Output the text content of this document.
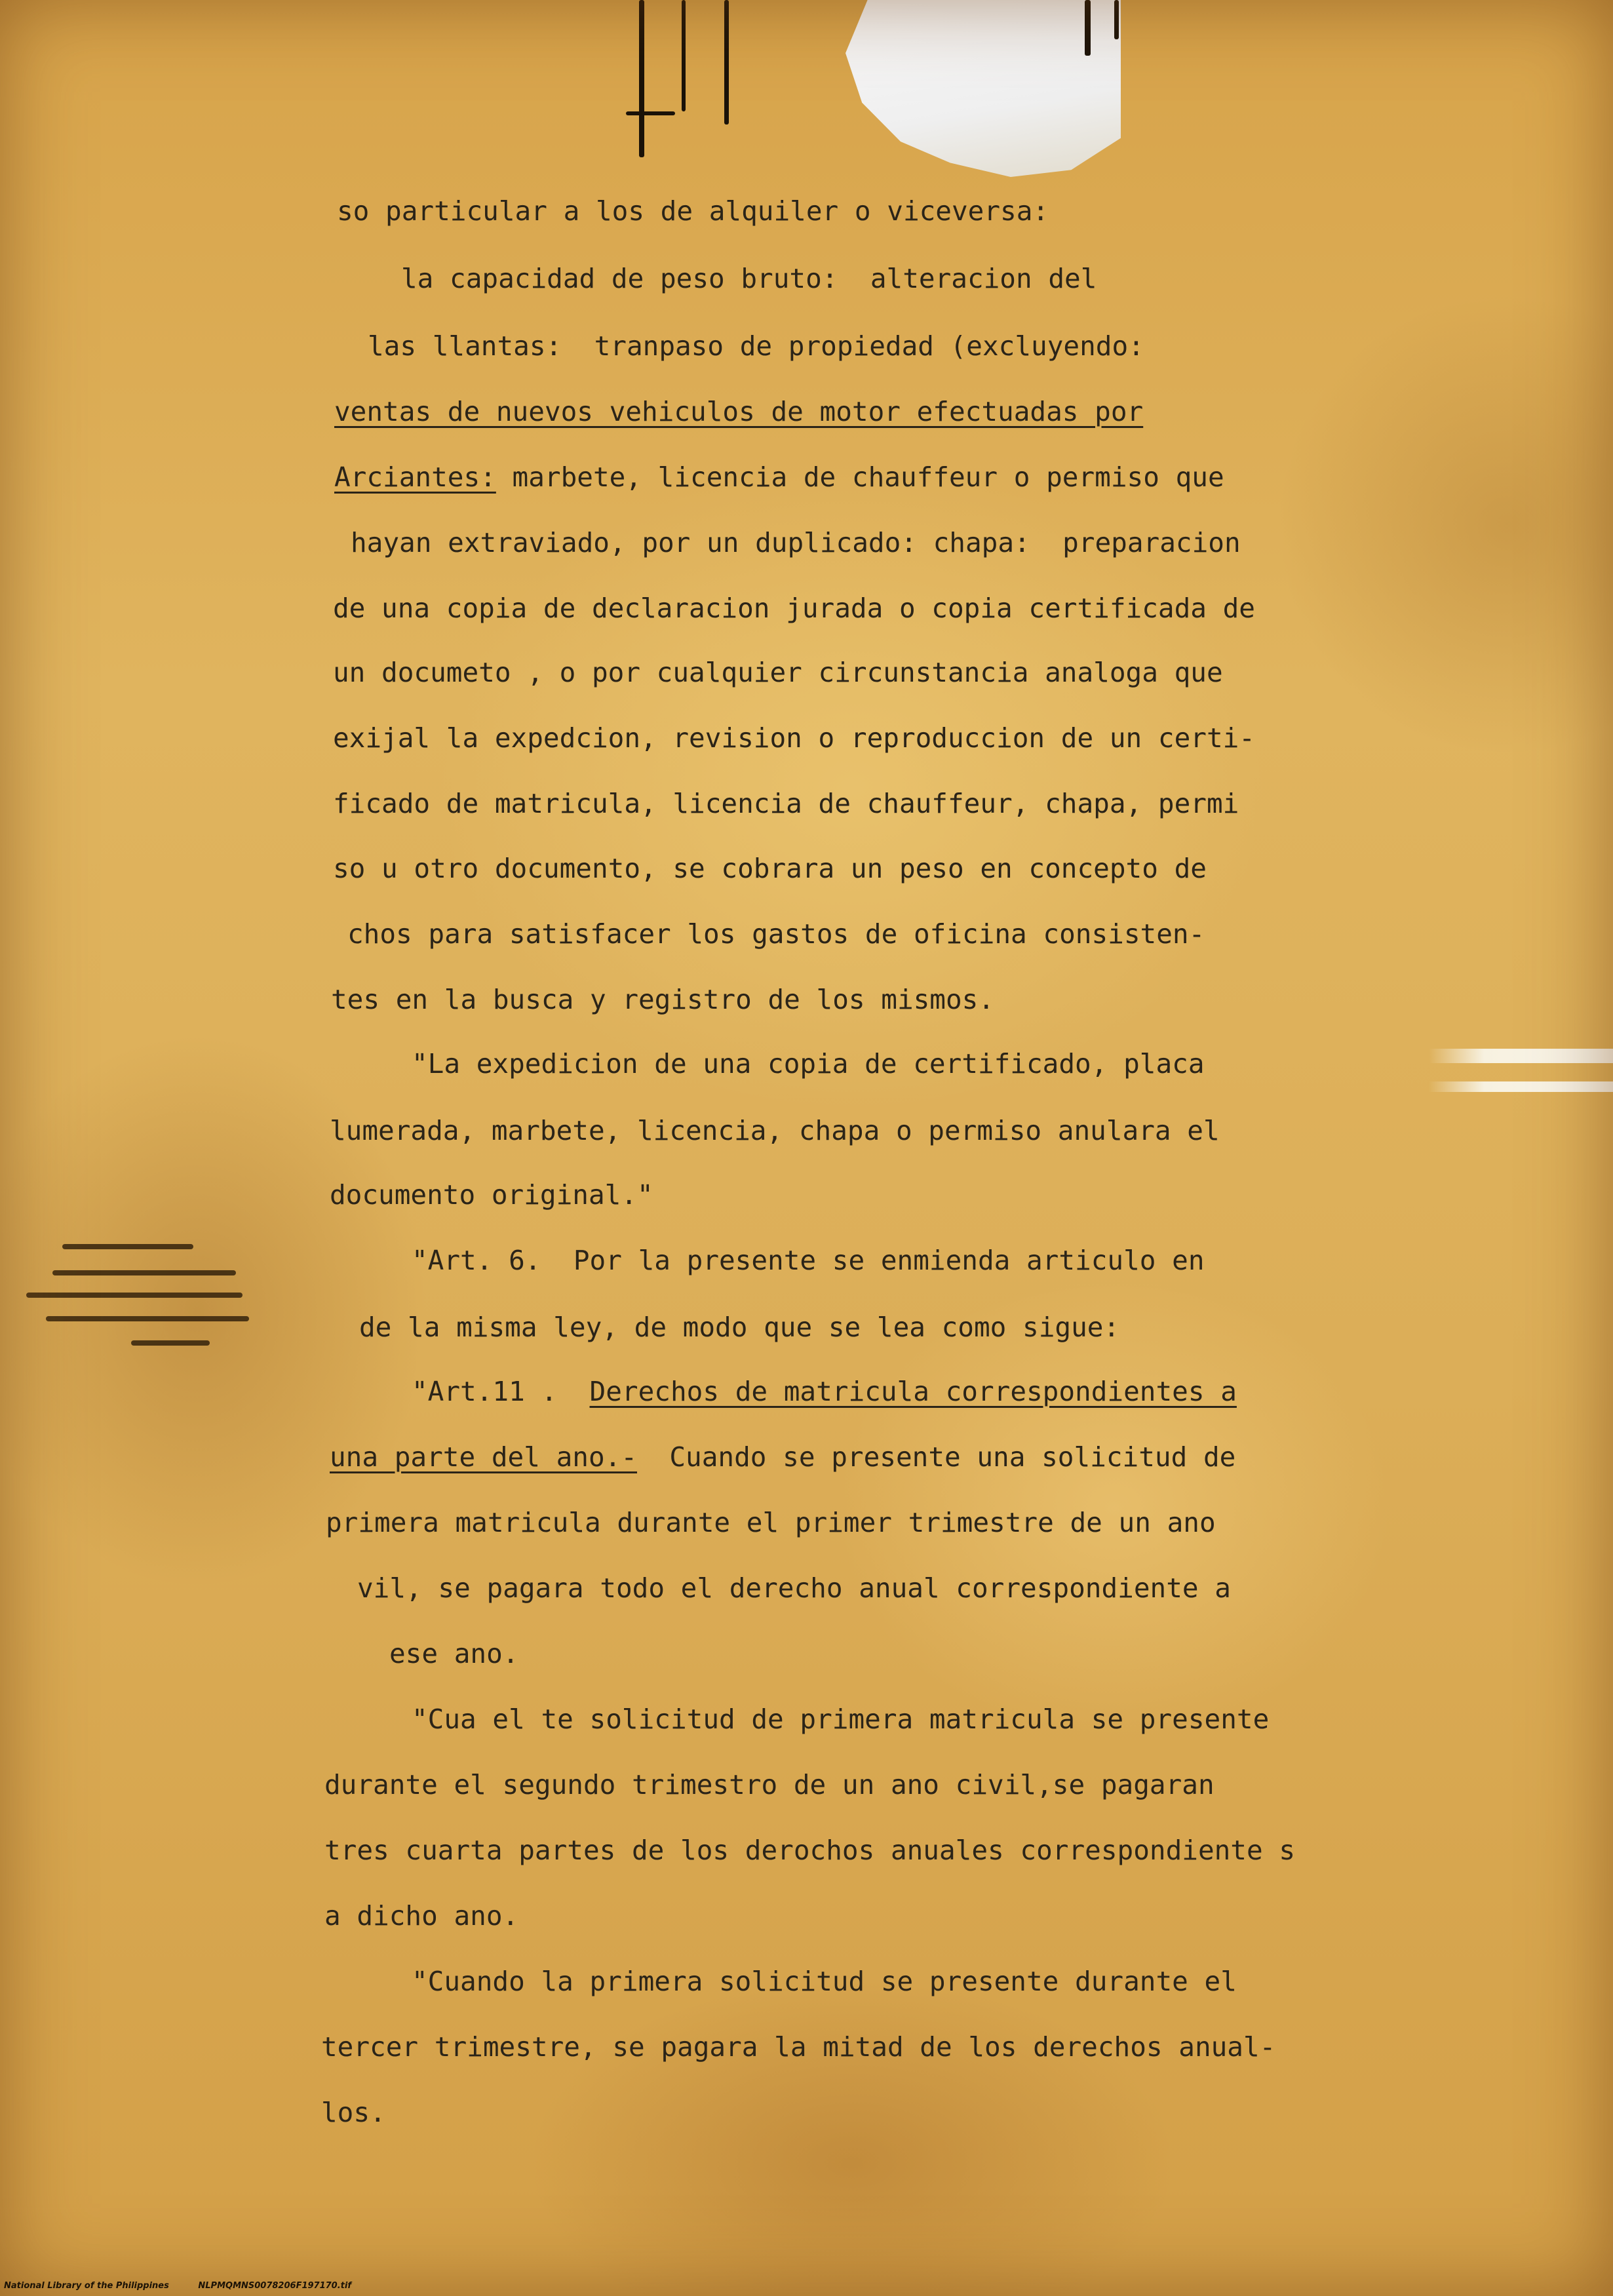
so particular a los de alquiler o viceversa:

la capacidad de peso bruto:  alteracion del

las llantas:  tranpaso de propiedad (excluyendo:

ventas de nuevos vehiculos de motor efectuadas por

Arciantes: marbete, licencia de chauffeur o permiso que

hayan extraviado, por un duplicado: chapa:  preparacion

de una copia de declaracion jurada o copia certificada de

un documeto , o por cualquier circunstancia analoga que

exijal la expedcion, revision o reproduccion de un certi-

ficado de matricula, licencia de chauffeur, chapa, permi

so u otro documento, se cobrara un peso en concepto de

chos para satisfacer los gastos de oficina consisten-

tes en la busca y registro de los mismos.

"La expedicion de una copia de certificado, placa

lumerada, marbete, licencia, chapa o permiso anulara el

documento original."

"Art. 6.  Por la presente se enmienda articulo en

de la misma ley, de modo que se lea como sigue:

"Art.11 .  Derechos de matricula correspondientes a

una parte del ano.-  Cuando se presente una solicitud de

primera matricula durante el primer trimestre de un ano

vil, se pagara todo el derecho anual correspondiente a

ese ano.

"Cua el te solicitud de primera matricula se presente

durante el segundo trimestro de un ano civil,se pagaran

tres cuarta partes de los derochos anuales correspondiente s

a dicho ano.

"Cuando la primera solicitud se presente durante el

tercer trimestre, se pagara la mitad de los derechos anual-

los.

National Library of the Philippines	NLPMQMNS0078206F197170.tif
